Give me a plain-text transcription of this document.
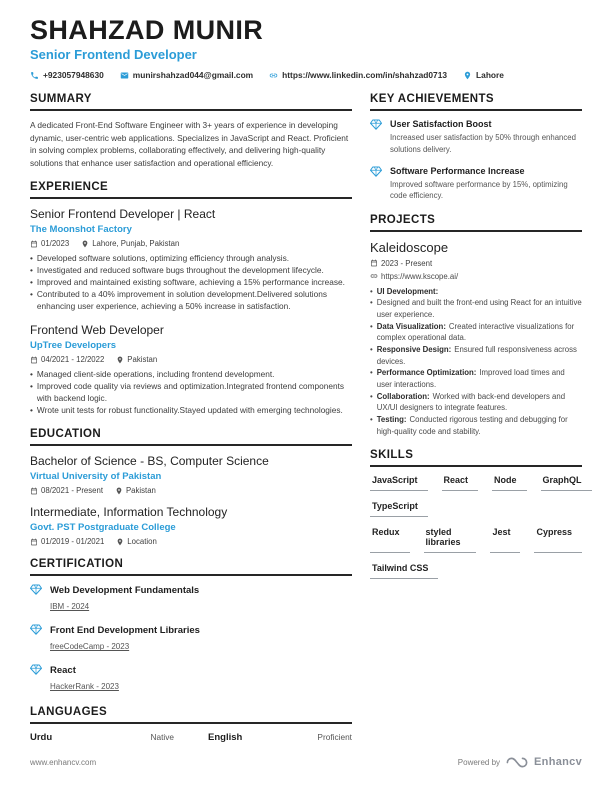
SHAHZAD MUNIR
Senior Frontend Developer
+923057948630	munirshahzad044@gmail.com	https://www.linkedin.com/in/shahzad0713	Lahore
SUMMARY
A dedicated Front-End Software Engineer with 3+ years of experience in developing dynamic, user-centric web applications. Specializes in JavaScript and React. Proficient in solving complex problems, collaborating effectively, and delivering high-quality solutions that enhance user satisfaction and operational efficiency.
EXPERIENCE
Senior Frontend Developer | React
The Moonshot Factory
01/2023	Lahore, Punjab, Pakistan
• Developed software solutions, optimizing efficiency through analysis.
• Investigated and reduced software bugs throughout the development lifecycle.
• Improved and maintained existing software, achieving a 15% performance increase.
• Contributed to a 40% improvement in solution development.Delivered solutions enhancing user experience, achieving a 50% increase in satisfaction.
Frontend Web Developer
UpTree Developers
04/2021 - 12/2022	Pakistan
• Managed client-side operations, including frontend development.
• Improved code quality via reviews and optimization.Integrated frontend components with backend logic.
• Wrote unit tests for robust functionality.Stayed updated with emerging technologies.
EDUCATION
Bachelor of Science - BS, Computer Science
Virtual University of Pakistan
08/2021 - Present	Pakistan
Intermediate, Information Technology
Govt. PST Postgraduate College
01/2019 - 01/2021	Location
CERTIFICATION
Web Development Fundamentals
IBM - 2024
Front End Development Libraries
freeCodeCamp - 2023
React
HackerRank - 2023
LANGUAGES
Urdu	Native	English	Proficient
KEY ACHIEVEMENTS
User Satisfaction Boost
Increased user satisfaction by 50% through enhanced solutions delivery.
Software Performance Increase
Improved software performance by 15%, optimizing code efficiency.
PROJECTS
Kaleidoscope
2023 - Present
https://www.kscope.ai/
• UI Development:
• Designed and built the front-end using React for an intuitive user experience.
• Data Visualization: Created interactive visualizations for complex operational data.
• Responsive Design: Ensured full responsiveness across devices.
• Performance Optimization: Improved load times and user interactions.
• Collaboration: Worked with back-end developers and UX/UI designers to integrate features.
• Testing: Conducted rigorous testing and debugging for high-quality code and stability.
SKILLS
JavaScript	React	Node	GraphQL
TypeScript
Redux	styled libraries
Jest	Cypress
Tailwind CSS
www.enhancv.com	Powered by	Enhancv
